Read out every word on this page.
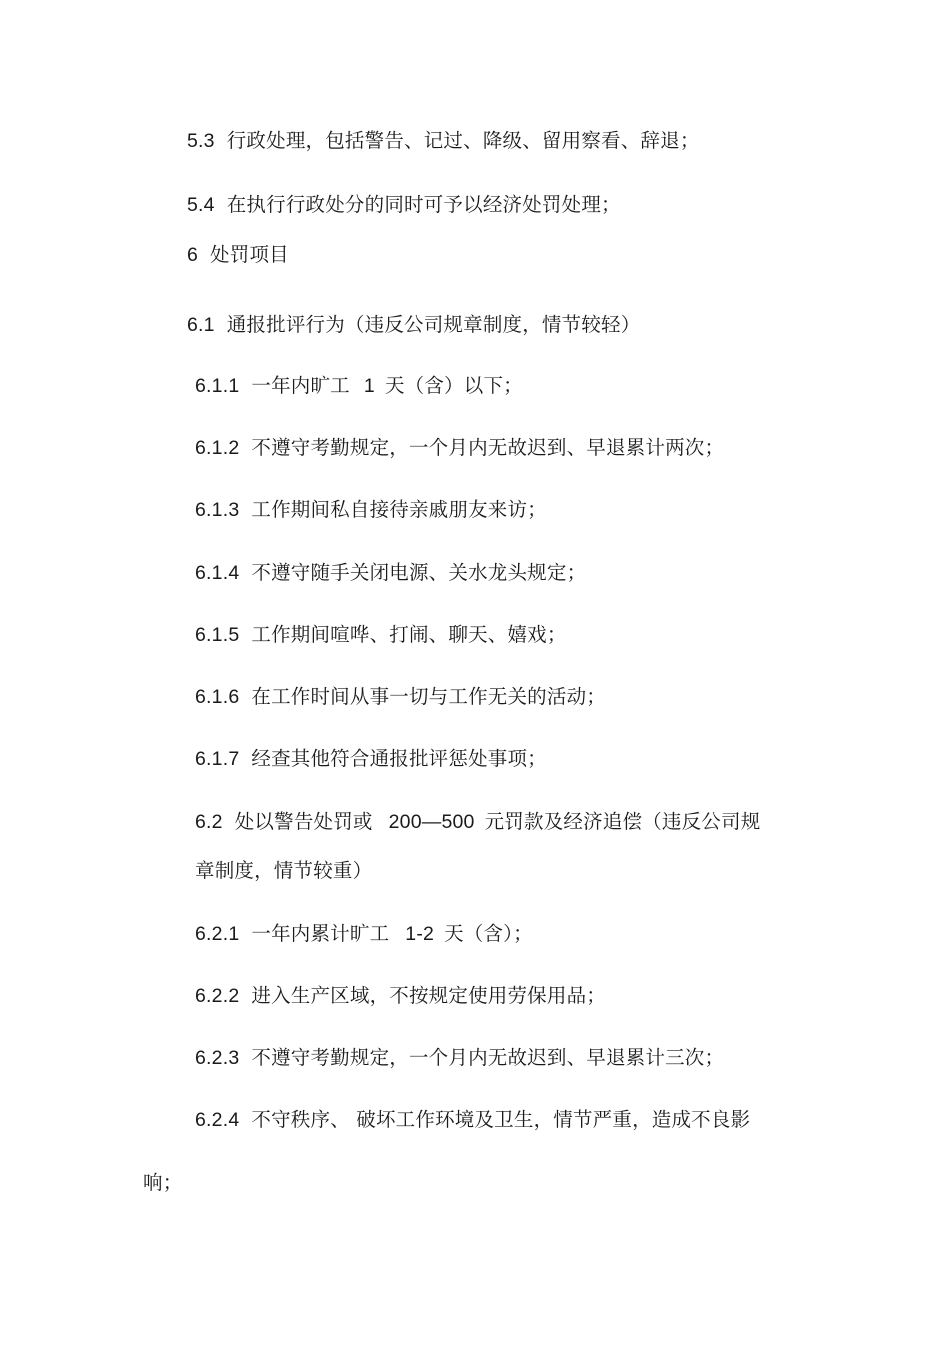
5.3 行政处理，包括警告、记过、降级、留用察看、辞退；
5.4 在执行行政处分的同时可予以经济处罚处理；
6 处罚项目
6.1 通报批评行为（违反公司规章制度，情节较轻）
6.1.1 一年内旷工 1 天（含）以下；
6.1.2 不遵守考勤规定，一个月内无故迟到、早退累计两次；
6.1.3 工作期间私自接待亲戚朋友来访；
6.1.4 不遵守随手关闭电源、关水龙头规定；
6.1.5 工作期间喧哗、打闹、聊天、嬉戏；
6.1.6 在工作时间从事一切与工作无关的活动；
6.1.7 经查其他符合通报批评惩处事项；
6.2 处以警告处罚或 200—500 元罚款及经济追偿（违反公司规
章制度，情节较重）
6.2.1 一年内累计旷工 1-2 天（含）；
6.2.2 进入生产区域，不按规定使用劳保用品；
6.2.3 不遵守考勤规定，一个月内无故迟到、早退累计三次；
6.2.4 不守秩序、 破坏工作环境及卫生，情节严重，造成不良影
响；
